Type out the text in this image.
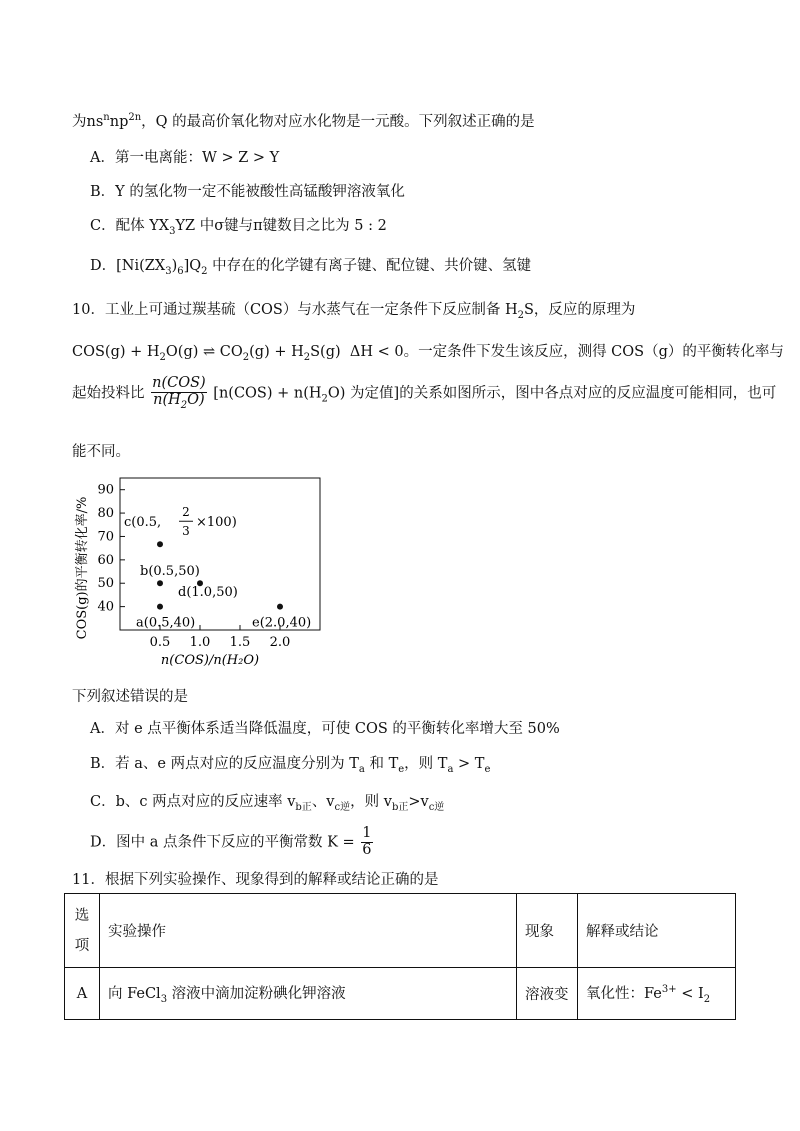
为$ns^nnp^{2n}$，Q 的最高价氧化物对应水化物是一元酸。下列叙述正确的是
A．第一电离能：W > Z > Y
B．Y 的氢化物一定不能被酸性高锰酸钾溶液氧化
C．配体 $YX_3YZ$ 中σ键与π键数目之比为 5 : 2
D．$[Ni(ZX_3)_6]Q_2$ 中存在的化学键有离子键、配位键、共价键、氢键
10．工业上可通过羰基硫（COS）与水蒸气在一定条件下反应制备 $H_2S$，反应的原理为
$COS(g) + H_2O(g)$ ⇌ $CO_2(g) + H_2S(g) \Delta H < 0$。一定条件下发生该反应，测得 COS（g）的平衡转化率与
起始投料比 $\frac{\text{n(COS)}}{n(H_2O)} [n(COS) + n(H_2O)$ 为定值]的关系如图所示，图中各点对应的反应温度可能相同，也可
能不同。
40
50
60
70
80
90
0.5 1.0 1.5 2.0
a(0.5,40)
b(0.5,50)
c(0.5,
2
3
×100)
d(1.0,50)
e(2.0,40)
COS(g)的平衡转化率/%
n(COS)/n(H₂O)
下列叙述错误的是
A．对 e 点平衡体系适当降低温度，可使 COS 的平衡转化率增大至 50%
B．若 a、e 两点对应的反应温度分别为 $T_a$ 和 $T_e$，则 $T_a > T_e$
C．b、c 两点对应的反应速率 $v_{b正}$、$v_{c逆}$，则 $v_{b正}>v_{c逆}$
D．图中 a 点条件下反应的平衡常数 $K = \frac{1}{6}$
11．根据下列实验操作、现象得到的解释或结论正确的是
选
项	实验操作	现象	解释或结论
A	向 FeCl$_3$ 溶液中滴加淀粉碘化钾溶液	溶液变	氧化性：$Fe^{3+} < I_2$
